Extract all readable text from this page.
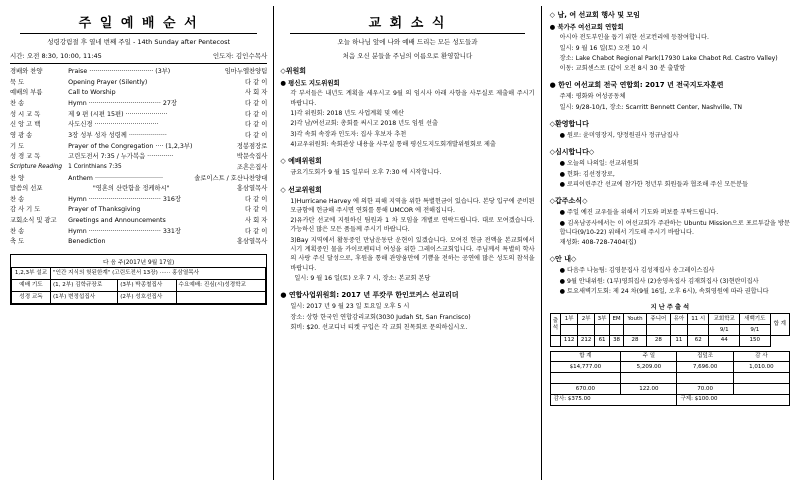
주 일 예 배 순 서
성령강림절 후 열네 번째 주일 - 14th Sunday after Pentecost
시간: 오전 8:30, 10:00, 11:45	인도자: 김인수목사
경배와 찬양	Praise ································ (3부)	임마누엘찬양팀
묵 도	Opening Prayer (Silently)	다 같 이
예배의 부름	Call to Worship	사 회 자
찬 송	Hymn ···································· 27장	다 같 이
성 시 교 독	제 9 편 (시편 15편) ·····················	다 같 이
신 앙 고 백	사도신경 ································	다 같 이
영 광 송	3장 성부 성자 성령께 ···················	다 같 이
기 도	Prayer of the Congregation ···· (1,2,3부)	정봉점장로
성 경 교 독	고린도전서 7:35 / 누가복음 ·············	박문숙집사
Scripture Reading	1 Corinthians 7:35	조흔은집사
찬 양	Anthem ··································	솔로이스트 / 호산나찬양대
말씀의 선포	"영혼의 산란함을 정케하시"	홍삼열목사
찬 송	Hymn ···································· 316장	다 같 이
감 사 기 도	Prayer of Thanksgiving	다 같 이
교회소식 및 광고	Greetings and Announcements	사 회 자
찬 송	Hymn ···································· 331장	다 같 이
축 도	Benediction	홍삼열목사
다 음 주(2017년 9월 17일)
1,2,3부 설교	"인간 지식의 헛된한계" (고린도전서 13장) ······ 홍삼열목사		
예배 기도	(1, 2부) 김학규장로	(3부) 박종철집사	수요예배: 진심(시)성경학교
성경 교독	(1부) 변정섭집사	(2부) 성호선집사	
교 회 소 식
오늘 하나님 앞에 나와 예배 드리는 모든 성도들과
처음 오신 분들을 주님의 이름으로 환영합니다
◇위원회
● 평신도 지도위원회
각 부서들은 내년도 계획을 세우시고 9월 의 임시사 아래 사항을 사무실로 제출해 주시기 바랍니다.
1)각 위원회: 2018 년도 사업계획 및 예산
2)각 남/여선교회: 총회를 써시고 2018 년도 임원 선출
3)각 속회 속장과 인도자: 집사 후보자 추천
4)교우위원회: 속회관상 내용을 사무실 통해 평신도지도회개발위원회로 제출
◇ 예배위원회
금요기도회가 9 월 15 일부터 오후 7:30 에 시작합니다.
◇ 선교위원회
1)Hurricane Harvey 에 의한 피해 지역을 위한 특별헌금이 있습니다. 본당 입구에 준비된 모금함에 헌금해 주시면 연회를 통해 UMCOR 에 전해집니다.
2)유카탄 선교에 지원하신 팀원과 1 차 모임을 개별로 연락드립니다. 대로 모여겠습니다. 가능하신 많은 모든 품들께 주시기 바랍니다.
3)Bay 지역에서 활동중인 만남운동단 운현이 있겠습니다. 모여진 헌금 전액을 본교회에서 시기 계획중인 물을 카이로펜티너 여성을 위한 그레이스교회입니다. 주님께서 특별히 학사의 사랑 주신 달성으로, 후원을 통해 관양움만에 기쁨을 전하는 공연에 많은 성도의 참석을 바랍니다.
일시: 9 월 16 일(토) 오후 7 시, 장소: 본교회 본당
● 연합사업위원회: 2017 년 푸캇쿠 한인코커스 선교리더
일시: 2017 년 9 월 23 일 토요일 오후 5 시
장소: 상항 한국인 연합감리교회(3030 Judah St, San Francisco)
회비: $20. 선교디너 티켓 구입은 각 교회 친목회로 문의하십시오.
◇ 남, 여 선교회 행사 및 모임
● 북가주 여선교회 연합회
아시아 전도부인을 돕기 위한 선교컨리에 등참여합니다.
일시: 9 월 16 일(토) 오전 10 시
장소: Lake Chabot Regional Park(17930 Lake Chabot Rd. Castro Valley)
이동: 교회센스로 (같이 오전 8시 30 분 출발함
● 한인 여선교회 전국 연합회: 2017 년 전국지도자훈련
주제: 평화와 여성공동체
일시: 9/28-10/1, 장소: Scarritt Bennett Center, Nashville, TN
◇환영합니다
● 원로: 윤미영장지, 양정원권사 정규남집사
◇심시합니다◇
● 오늘의 나의일: 선교위원회
● 헌화: 김선정장로,
● 로피이린주간 선교에 참가한 청년부 회원들과 협조해 주신 모든분들
◇갑주소식◇
● 주일 예진 교우들을 위해서 기도와 퍼보를 부탁드립니다.
● 김옥남공사에서는 이 여선교회가 주관하는 Ubuntu Mission으로 포르투갈을 방문합니다(9/10-22) 위해서 기도해 주시기 바랍니다.
재성화: 408-728-7404(집)
◇안 내◇
● 다음주 나눔팀: 김영문집사 김성재집사 송그레이스집사
● 9월 안내위원: (1부)영희집사 (2)송영옥집사 김재희집사 (3)현란미집사
● 토요새벽기도회: 제 24 차(9월 16일, 오후 6시), 속회영원에 따라 권합니다
지 난 주 출 석
출
석	1부	2부	3부	EM	Youth	쥬니어	유아	11 시	교회학교	새백기도	합 계
									9/1	9/1	
	112	212	61	38	28	28	11	62	44	150	
합 계	주 일	집덮조	감 사
$14,777.00	5,209.00	7,696.00	1,010.00

670.00	122.00	70.00	
감사: $375.00		구제: $100.00	
